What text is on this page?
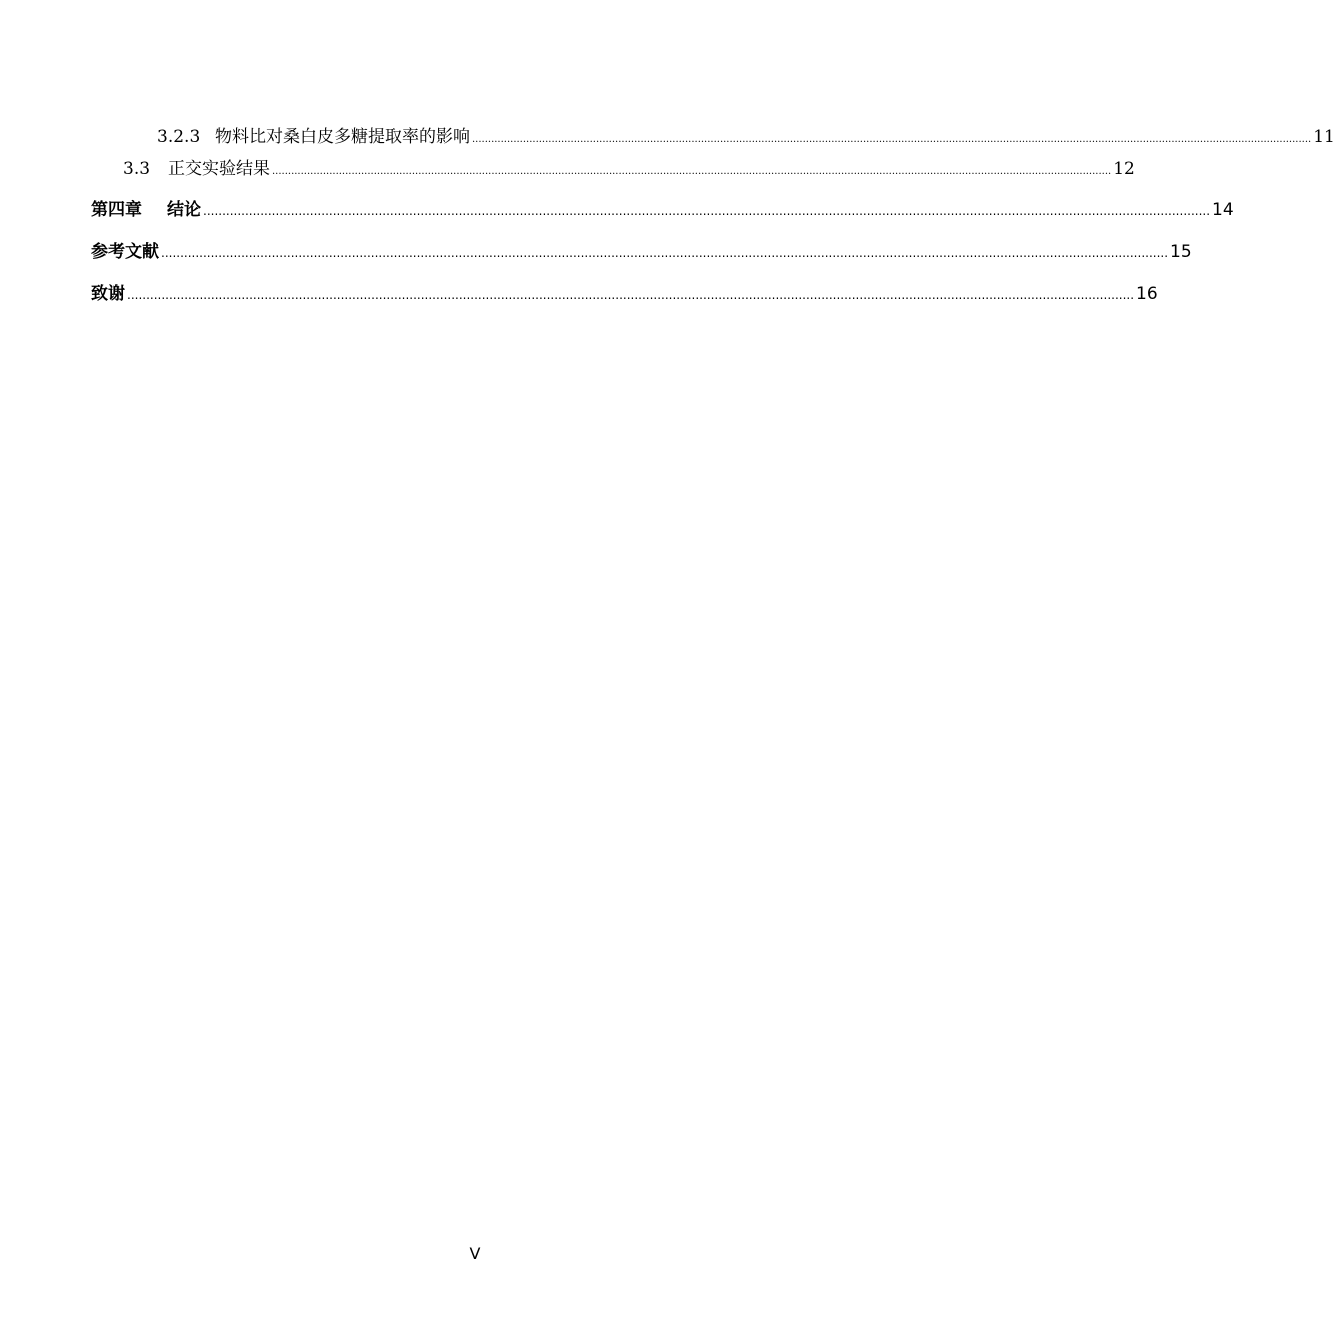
3.2.3 物料比对桑白皮多糖提取率的影响 ........................................................................................................................................................................................................................................................................ 11
3.3	正交实验结果 ........................................................................................................................................................................................................................................................................ 12
第四章	结论 ........................................................................................................................................................................................................................................................................ 14
参考文献 ........................................................................................................................................................................................................................................................................ 15
致谢 ........................................................................................................................................................................................................................................................................ 16
V
